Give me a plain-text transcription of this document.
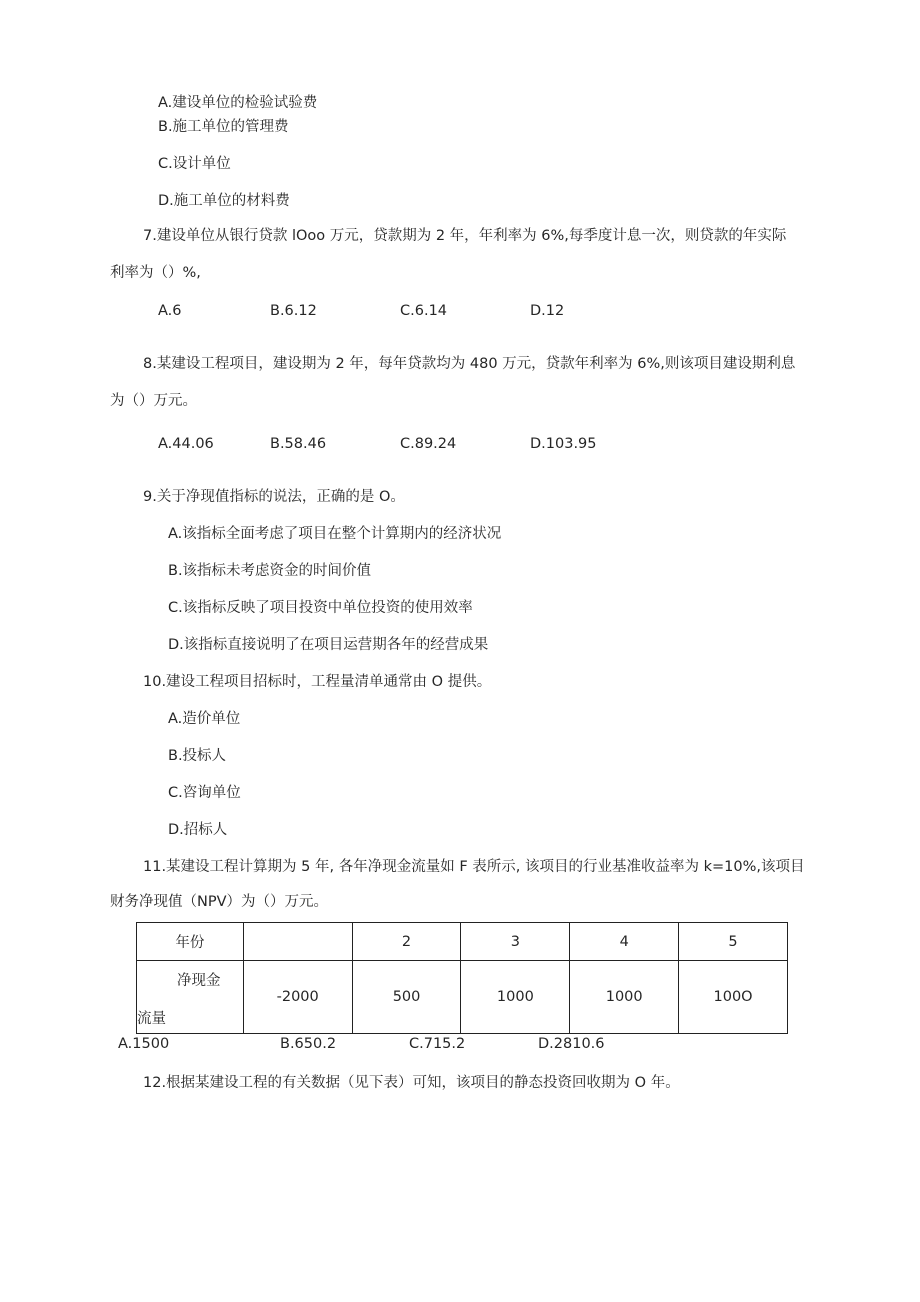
A.建设单位的检验试验费
B.施工单位的管理费
C.设计单位
D.施工单位的材料费
7.建设单位从银行贷款 lOoo 万元，贷款期为 2 年，年利率为 6%,每季度计息一次，则贷款的年实际
利率为（）%,
A.6	B.6.12	C.6.14	D.12
8.某建设工程项目，建设期为 2 年，每年贷款均为 480 万元，贷款年利率为 6%,则该项目建设期利息
为（）万元。
A.44.06	B.58.46	C.89.24	D.103.95
9.关于净现值指标的说法，正确的是 O。
A.该指标全面考虑了项目在整个计算期内的经济状况
B.该指标未考虑资金的时间价值
C.该指标反映了项目投资中单位投资的使用效率
D.该指标直接说明了在项目运营期各年的经营成果
10.建设工程项目招标时，工程量清单通常由 O 提供。
A.造价单位
B.投标人
C.咨询单位
D.招标人
11.某建设工程计算期为 5 年, 各年净现金流量如 F 表所示, 该项目的行业基准收益率为 k=10%,该项目
财务净现值（NPV）为（）万元。
年份		2	3	4	5

净现金
流量	-2000	500	1000	1000	100O
A.1500	B.650.2	C.715.2	D.2810.6
12.根据某建设工程的有关数据（见下表）可知，该项目的静态投资回收期为 O 年。
